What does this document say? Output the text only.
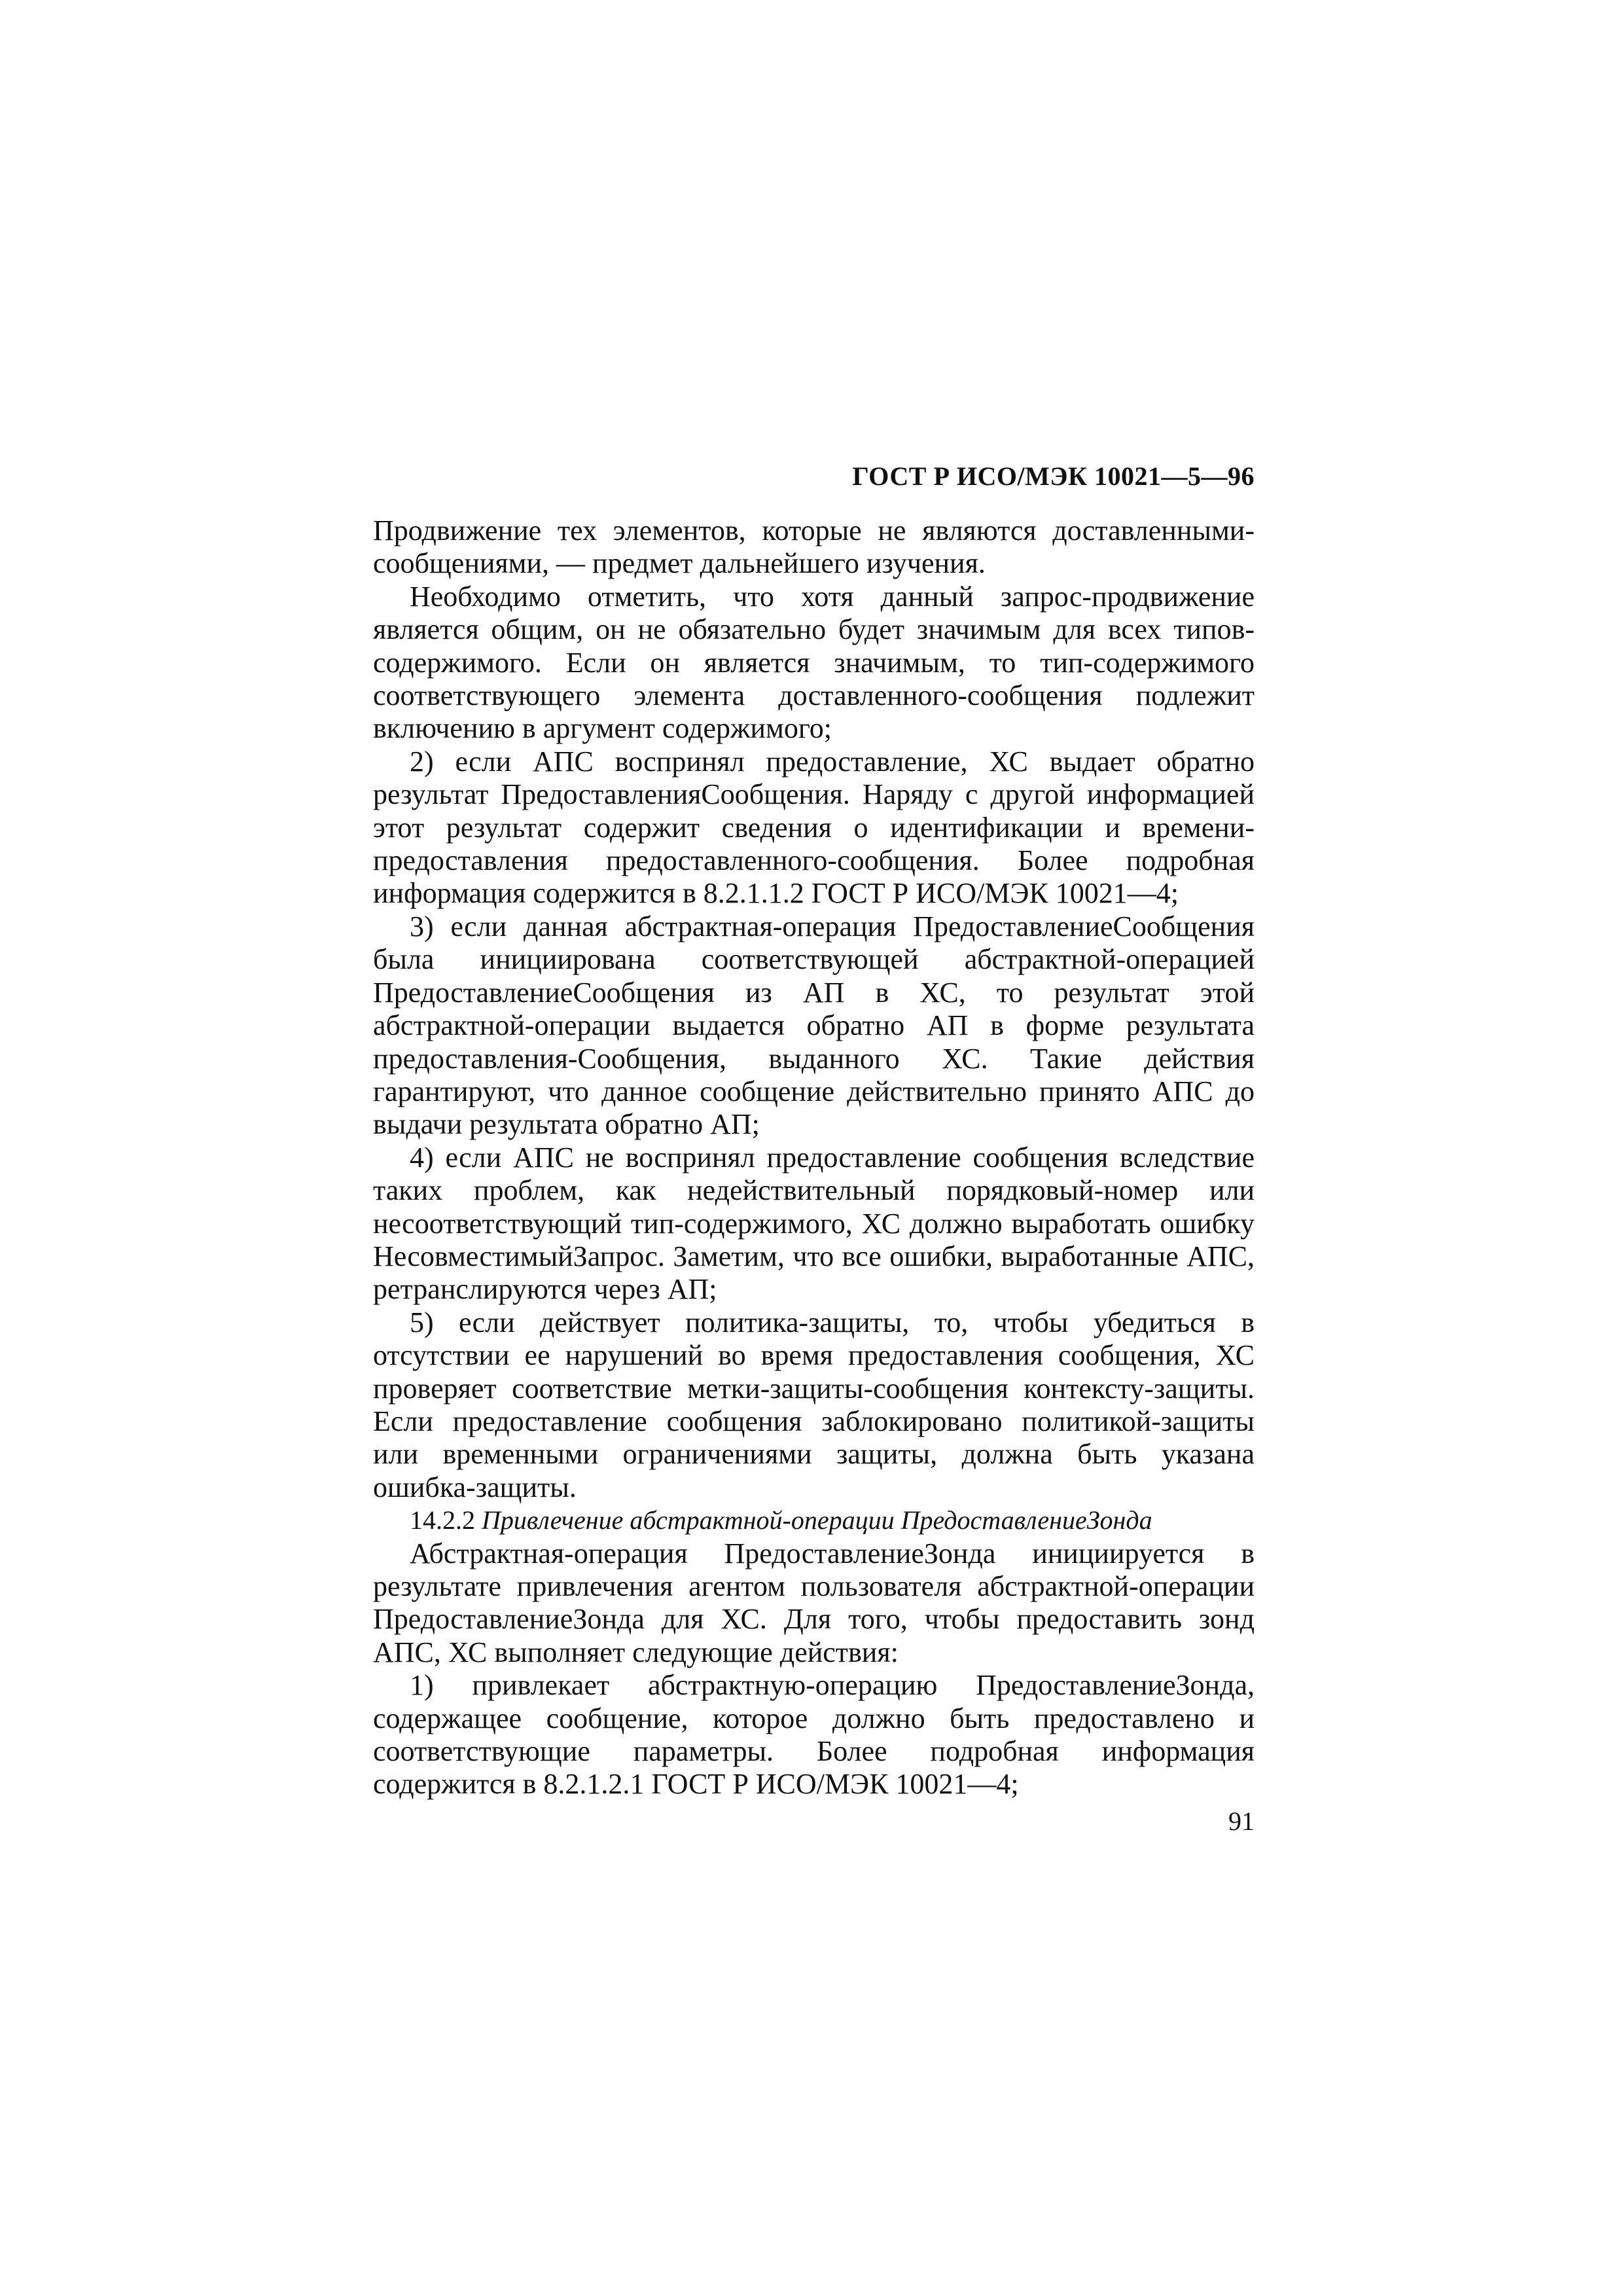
ГОСТ Р ИСО/МЭК 10021—5—96

Продвижение тех элементов, которые не являются доставленными-сообщениями, — предмет дальнейшего изучения.

Необходимо отметить, что хотя данный запрос-продвижение является общим, он не обязательно будет значимым для всех типов-содержимого. Если он является значимым, то тип-содержимого соответствующего элемента доставленного-сообщения подлежит включению в аргумент содержимого;

2) если АПС воспринял предоставление, ХС выдает обратно результат ПредоставленияСообщения. Наряду с другой информацией этот результат содержит сведения о идентификации и времени-предоставления предоставленного-сообщения. Более подробная информация содержится в 8.2.1.1.2 ГОСТ Р ИСО/МЭК 10021—4;

3) если данная абстрактная-операция ПредоставлениеСообщения была инициирована соответствующей абстрактной-операцией ПредоставлениеСообщения из АП в ХС, то результат этой абстрактной-операции выдается обратно АП в форме результата предоставления-Сообщения, выданного ХС. Такие действия гарантируют, что данное сообщение действительно принято АПС до выдачи результата обратно АП;

4) если АПС не воспринял предоставление сообщения вследствие таких проблем, как недействительный порядковый-номер или несоответствующий тип-содержимого, ХС должно выработать ошибку НесовместимыйЗапрос. Заметим, что все ошибки, выработанные АПС, ретранслируются через АП;

5) если действует политика-защиты, то, чтобы убедиться в отсутствии ее нарушений во время предоставления сообщения, ХС проверяет соответствие метки-защиты-сообщения контексту-защиты. Если предоставление сообщения заблокировано политикой-защиты или временными ограничениями защиты, должна быть указана ошибка-защиты.

14.2.2 Привлечение абстрактной-операции ПредоставлениеЗонда

Абстрактная-операция ПредоставлениеЗонда инициируется в результате привлечения агентом пользователя абстрактной-операции ПредоставлениеЗонда для ХС. Для того, чтобы предоставить зонд АПС, ХС выполняет следующие действия:

1) привлекает абстрактную-операцию ПредоставлениеЗонда, содержащее сообщение, которое должно быть предоставлено и соответствующие параметры. Более подробная информация содержится в 8.2.1.2.1 ГОСТ Р ИСО/МЭК 10021—4;

91
